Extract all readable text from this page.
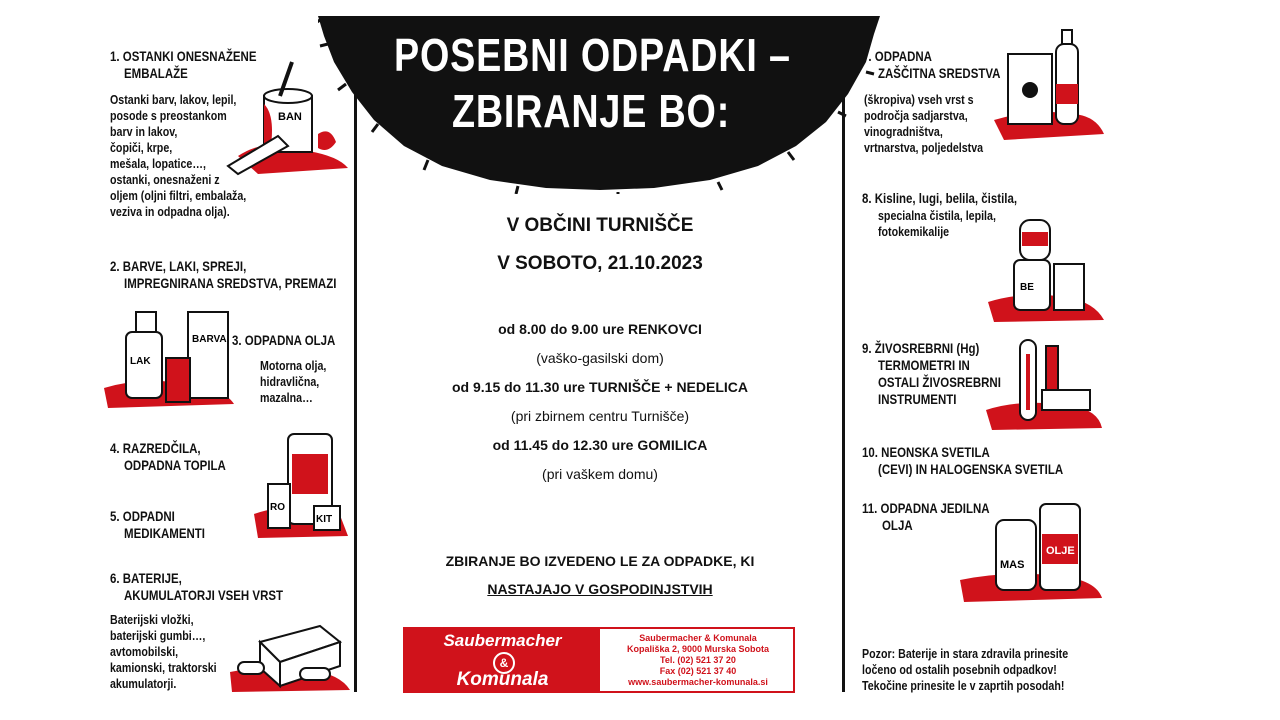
POSEBNI ODPADKI –
ZBIRANJE BO:
1. OSTANKI ONESNAŽENE
EMBALAŽE
Ostanki barv, lakov, lepil,
posode s preostankom
barv in lakov,
čopiči, krpe,
mešala, lopatice…,
ostanki, onesnaženi z
oljem (oljni filtri, embalaža,
veziva in odpadna olja).
BAN
2. BARVE, LAKI, SPREJI,
IMPREGNIRANA SREDSTVA, PREMAZI
BARVA
LAK
3. ODPADNA OLJA
Motorna olja,
hidravlična,
mazalna…
4. RAZREDČILA,
ODPADNA TOPILA
RO
KIT
5. ODPADNI
MEDIKAMENTI
6. BATERIJE,
AKUMULATORJI VSEH VRST
Baterijski vložki,
baterijski gumbi…,
avtomobilski,
kamionski, traktorski
akumulatorji.
V OBČINI TURNIŠČE
V SOBOTO, 21.10.2023
od 8.00 do 9.00 ure RENKOVCI
(vaško-gasilski dom)
od 9.15 do 11.30 ure TURNIŠČE + NEDELICA
(pri zbirnem centru Turnišče)
od 11.45 do 12.30 ure GOMILICA
(pri vaškem domu)
ZBIRANJE BO IZVEDENO LE ZA ODPADKE, KI
NASTAJAJO V GOSPODINJSTVIH
Saubermacher
&
Komunala
Saubermacher & Komunala
Kopališka 2, 9000 Murska Sobota
Tel. (02) 521 37 20
Fax (02) 521 37 40
www.saubermacher-komunala.si
7. ODPADNA
ZAŠČITNA SREDSTVA
(škropiva) vseh vrst s
področja sadjarstva,
vinogradništva,
vrtnarstva, poljedelstva
8. Kisline, lugi, belila, čistila,
specialna čistila, lepila,
fotokemikalije
BE
9. ŽIVOSREBRNI (Hg)
TERMOMETRI IN
OSTALI ŽIVOSREBRNI
INSTRUMENTI
10. NEONSKA SVETILA
(CEVI) IN HALOGENSKA SVETILA
11. ODPADNA JEDILNA
OLJA
MAS
OLJE
Pozor: Baterije in stara zdravila prinesite
ločeno od ostalih posebnih odpadkov!
Tekočine prinesite le v zaprtih posodah!
